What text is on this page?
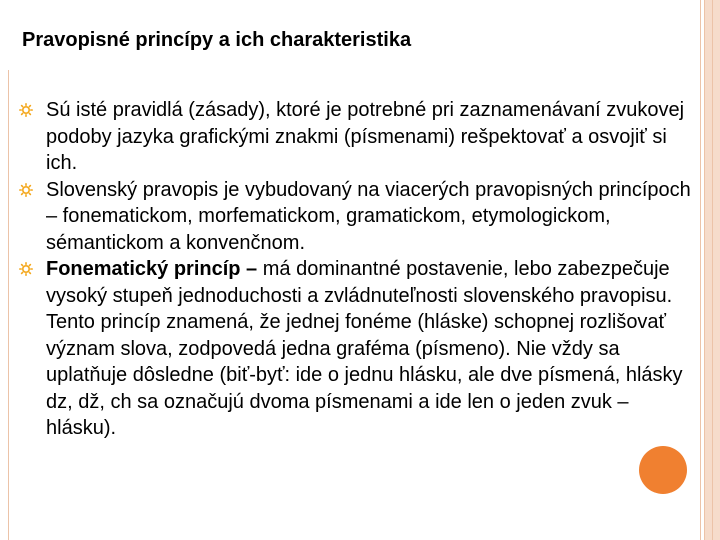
Pravopisné princípy a ich charakteristika
Sú isté pravidlá (zásady), ktoré je potrebné pri zaznamenávaní zvukovej podoby jazyka grafickými znakmi (písmenami) rešpektovať a osvojiť si ich.
Slovenský pravopis je vybudovaný na viacerých pravopisných princípoch – fonematickom, morfematickom, gramatickom, etymologickom, sémantickom a konvenčnom.
Fonematický princíp – má dominantné postavenie, lebo zabezpečuje vysoký stupeň jednoduchosti a zvládnuteľnosti slovenského pravopisu. Tento princíp znamená, že jednej fonéme (hláske) schopnej rozlišovať význam slova, zodpovedá jedna graféma (písmeno). Nie vždy sa uplatňuje dôsledne (biť-byť: ide o jednu hlásku, ale dve písmená, hlásky dz, dž, ch sa označujú dvoma písmenami a ide len o jeden zvuk – hlásku).
